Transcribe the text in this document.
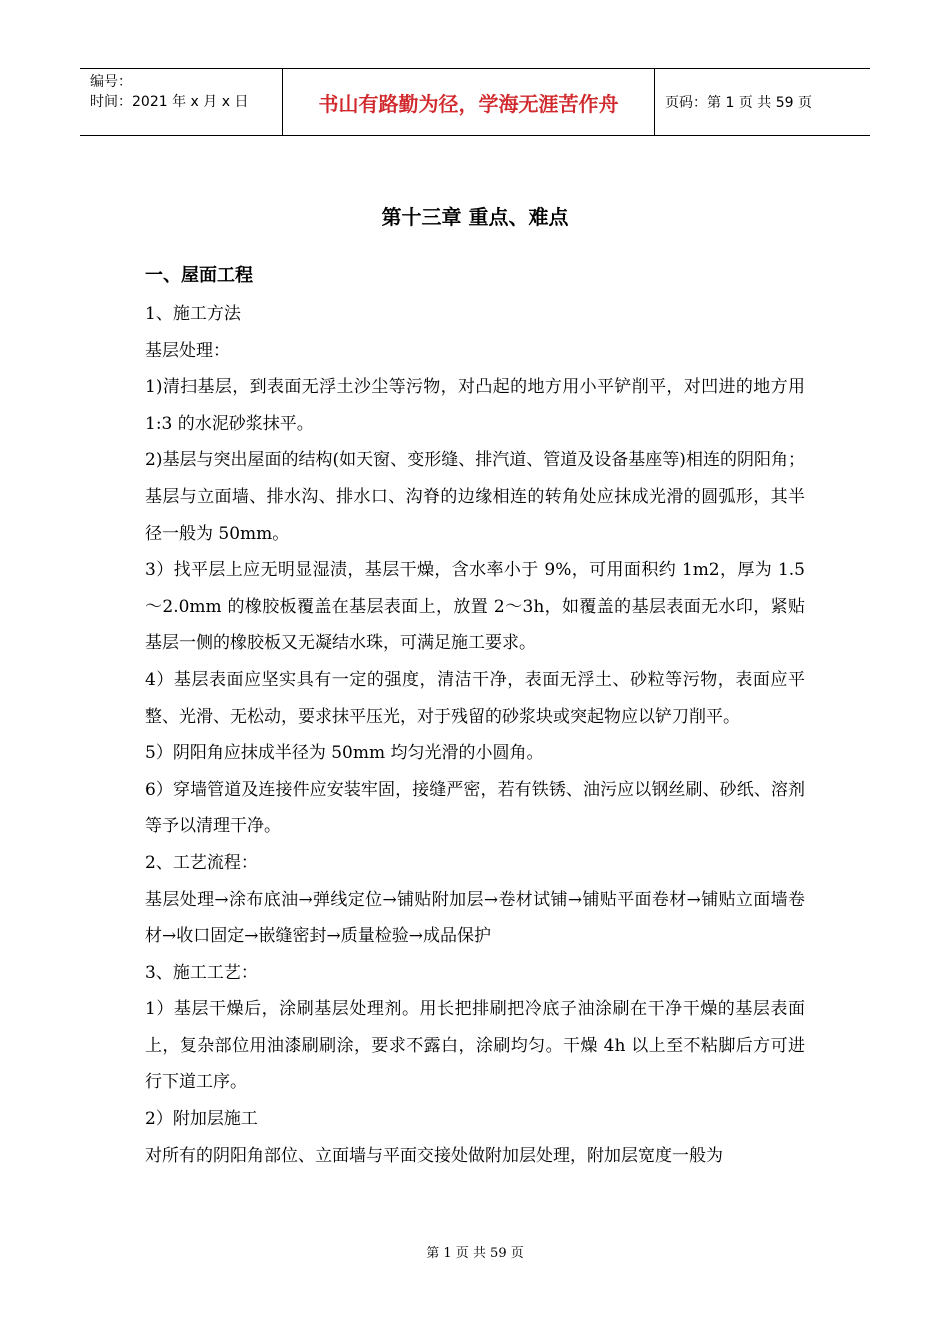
编号：
时间：2021 年 x 月 x 日	书山有路勤为径，学海无涯苦作舟	页码：第 1 页 共 59 页
第十三章 重点、难点

一、屋面工程

1、施工方法

基层处理：

1)清扫基层，到表面无浮土沙尘等污物，对凸起的地方用小平铲削平，对凹进的地方用 1:3 的水泥砂浆抹平。

2)基层与突出屋面的结构(如天窗、变形缝、排汽道、管道及设备基座等)相连的阴阳角；基层与立面墙、排水沟、排水口、沟脊的边缘相连的转角处应抹成光滑的圆弧形，其半径一般为 50mm。

3）找平层上应无明显湿渍，基层干燥，含水率小于 9%，可用面积约 1m2，厚为 1.5～2.0mm 的橡胶板覆盖在基层表面上，放置 2～3h，如覆盖的基层表面无水印，紧贴基层一侧的橡胶板又无凝结水珠，可满足施工要求。

4）基层表面应坚实具有一定的强度，清洁干净，表面无浮土、砂粒等污物，表面应平整、光滑、无松动，要求抹平压光，对于残留的砂浆块或突起物应以铲刀削平。

5）阴阳角应抹成半径为 50mm 均匀光滑的小圆角。

6）穿墙管道及连接件应安装牢固，接缝严密，若有铁锈、油污应以钢丝刷、砂纸、溶剂等予以清理干净。

2、工艺流程：

基层处理→涂布底油→弹线定位→铺贴附加层→卷材试铺→铺贴平面卷材→铺贴立面墙卷材→收口固定→嵌缝密封→质量检验→成品保护

3、施工工艺：

1）基层干燥后，涂刷基层处理剂。用长把排刷把冷底子油涂刷在干净干燥的基层表面上，复杂部位用油漆刷刷涂，要求不露白，涂刷均匀。干燥 4h 以上至不粘脚后方可进行下道工序。

2）附加层施工

对所有的阴阳角部位、立面墙与平面交接处做附加层处理，附加层宽度一般为

第 1 页 共 59 页
